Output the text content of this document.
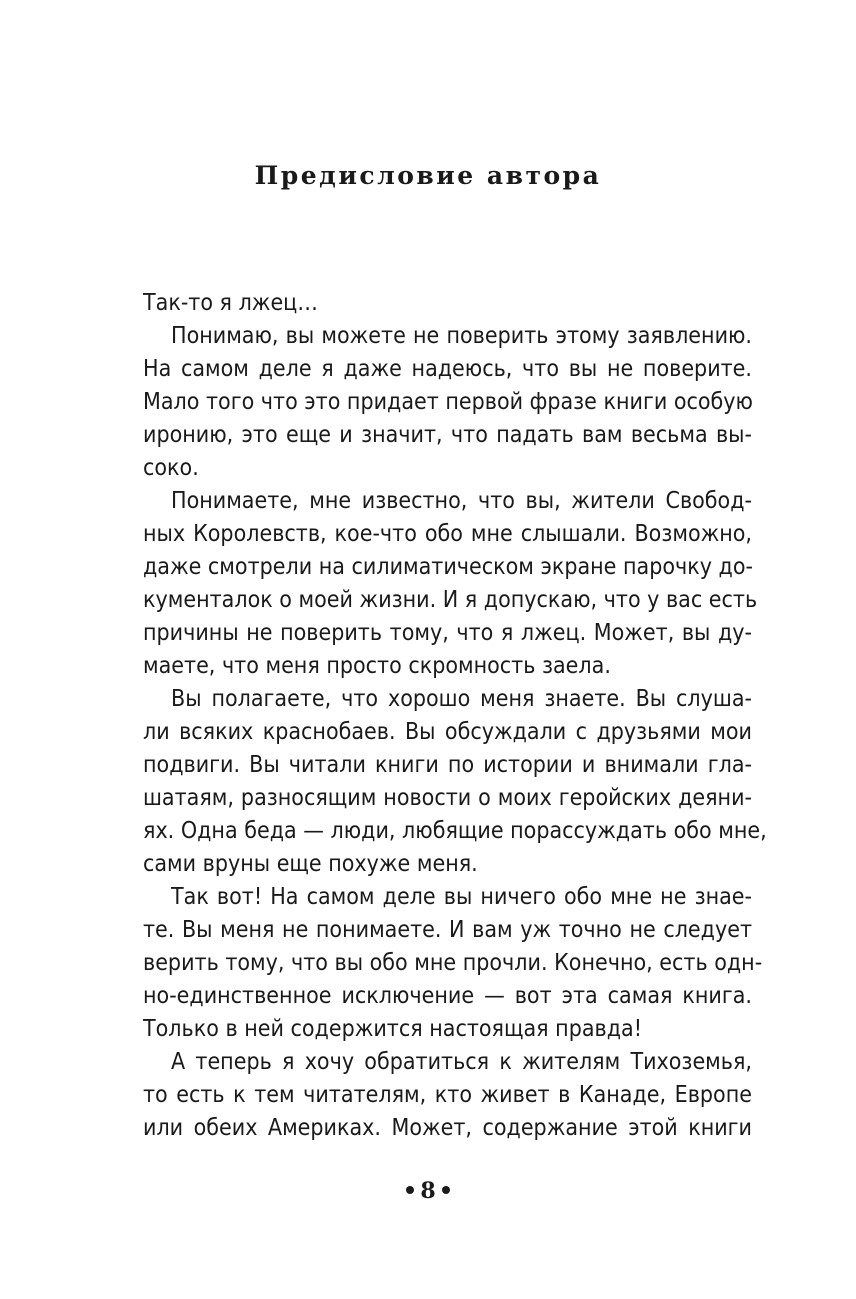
Предисловие автора
Так-то я лжец…
Понимаю, вы можете не поверить этому заявлению.
На самом деле я даже надеюсь, что вы не поверите.
Мало того что это придает первой фразе книги особую
иронию, это еще и значит, что падать вам весьма вы-
соко.
Понимаете, мне известно, что вы, жители Свобод-
ных Королевств, кое-что обо мне слышали. Возможно,
даже смотрели на силиматическом экране парочку до-
кументалок о моей жизни. И я допускаю, что у вас есть
причины не поверить тому, что я лжец. Может, вы ду-
маете, что меня просто скромность заела.
Вы полагаете, что хорошо меня знаете. Вы слуша-
ли всяких краснобаев. Вы обсуждали с друзьями мои
подвиги. Вы читали книги по истории и внимали гла-
шатаям, разносящим новости о моих геройских деяни-
ях. Одна беда — люди, любящие порассуждать обо мне,
сами вруны еще похуже меня.
Так вот! На самом деле вы ничего обо мне не знае-
те. Вы меня не понимаете. И вам уж точно не следует
верить тому, что вы обо мне прочли. Конечно, есть одн-
но-единственное исключение — вот эта самая книга.
Только в ней содержится настоящая правда!
А теперь я хочу обратиться к жителям Тихоземья,
то есть к тем читателям, кто живет в Канаде, Европе
или обеих Америках. Может, содержание этой книги
8
